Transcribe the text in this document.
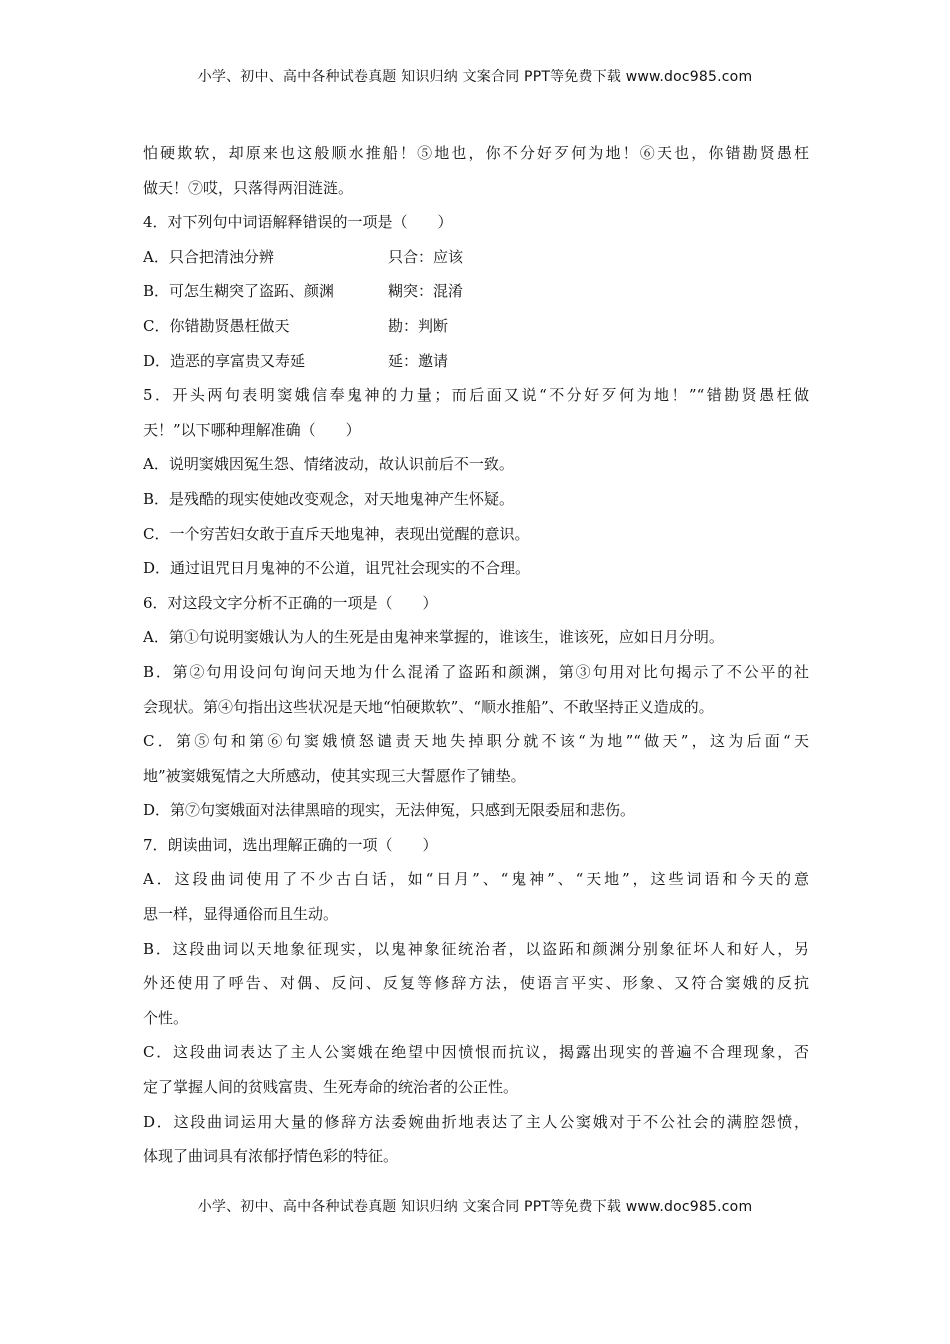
小学、初中、高中各种试卷真题 知识归纳 文案合同 PPT等免费下载 www.doc985.com
怕硬欺软，却原来也这般顺水推船！⑤地也，你不分好歹何为地！⑥天也，你错勘贤愚枉
做天！⑦哎，只落得两泪涟涟。
4．对下列句中词语解释错误的一项是（　　）
A．只合把清浊分辨	只合：应该
B．可怎生糊突了盗跖、颜渊	糊突：混淆
C．你错勘贤愚枉做天	勘：判断
D．造恶的享富贵又寿延	延：邀请
5．开头两句表明窦娥信奉鬼神的力量；而后面又说“不分好歹何为地！”“错勘贤愚枉做
天！”以下哪种理解准确（　　）
A．说明窦娥因冤生怨、情绪波动，故认识前后不一致。
B．是残酷的现实使她改变观念，对天地鬼神产生怀疑。
C．一个穷苦妇女敢于直斥天地鬼神，表现出觉醒的意识。
D．通过诅咒日月鬼神的不公道，诅咒社会现实的不合理。
6．对这段文字分析不正确的一项是（　　）
A．第①句说明窦娥认为人的生死是由鬼神来掌握的，谁该生，谁该死，应如日月分明。
B．第②句用设问句询问天地为什么混淆了盗跖和颜渊，第③句用对比句揭示了不公平的社
会现状。第④句指出这些状况是天地“怕硬欺软”、“顺水推船”、不敢坚持正义造成的。
C．第⑤句和第⑥句窦娥愤怒谴责天地失掉职分就不该“为地”“做天”，这为后面“天
地”被窦娥冤情之大所感动，使其实现三大誓愿作了铺垫。
D．第⑦句窦娥面对法律黑暗的现实，无法伸冤，只感到无限委屈和悲伤。
7．朗读曲词，选出理解正确的一项（　　）
A．这段曲词使用了不少古白话，如“日月”、“鬼神”、“天地”，这些词语和今天的意
思一样，显得通俗而且生动。
B．这段曲词以天地象征现实，以鬼神象征统治者，以盗跖和颜渊分别象征坏人和好人，另
外还使用了呼告、对偶、反问、反复等修辞方法，使语言平实、形象、又符合窦娥的反抗
个性。
C．这段曲词表达了主人公窦娥在绝望中因愤恨而抗议，揭露出现实的普遍不合理现象，否
定了掌握人间的贫贱富贵、生死寿命的统治者的公正性。
D．这段曲词运用大量的修辞方法委婉曲折地表达了主人公窦娥对于不公社会的满腔怨愤，
体现了曲词具有浓郁抒情色彩的特征。
小学、初中、高中各种试卷真题 知识归纳 文案合同 PPT等免费下载 www.doc985.com
